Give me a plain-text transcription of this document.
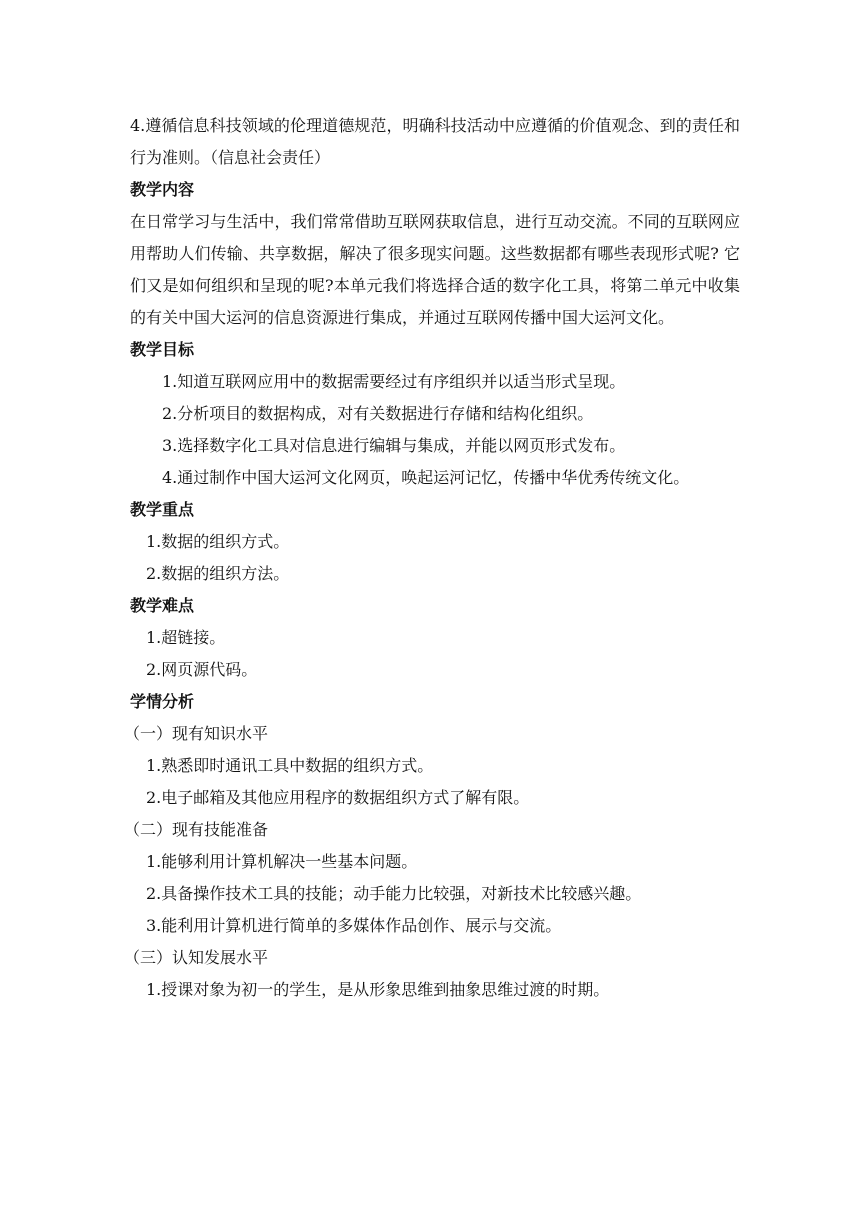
4.遵循信息科技领域的伦理道德规范，明确科技活动中应遵循的价值观念、到的责任和行为准则。（信息社会责任）

教学内容

在日常学习与生活中，我们常常借助互联网获取信息，进行互动交流。不同的互联网应用帮助人们传输、共享数据，解决了很多现实问题。这些数据都有哪些表现形式呢? 它们又是如何组织和呈现的呢?本单元我们将选择合适的数字化工具，将第二单元中收集的有关中国大运河的信息资源进行集成，并通过互联网传播中国大运河文化。

教学目标

1.知道互联网应用中的数据需要经过有序组织并以适当形式呈现。

2.分析项目的数据构成，对有关数据进行存储和结构化组织。

3.选择数字化工具对信息进行编辑与集成，并能以网页形式发布。

4.通过制作中国大运河文化网页，唤起运河记忆，传播中华优秀传统文化。

教学重点

1.数据的组织方式。

2.数据的组织方法。

教学难点

1.超链接。

2.网页源代码。

学情分析

（一）现有知识水平

1.熟悉即时通讯工具中数据的组织方式。

2.电子邮箱及其他应用程序的数据组织方式了解有限。

（二）现有技能准备

1.能够利用计算机解决一些基本问题。

2.具备操作技术工具的技能；动手能力比较强，对新技术比较感兴趣。

3.能利用计算机进行简单的多媒体作品创作、展示与交流。

（三）认知发展水平

1.授课对象为初一的学生，是从形象思维到抽象思维过渡的时期。
